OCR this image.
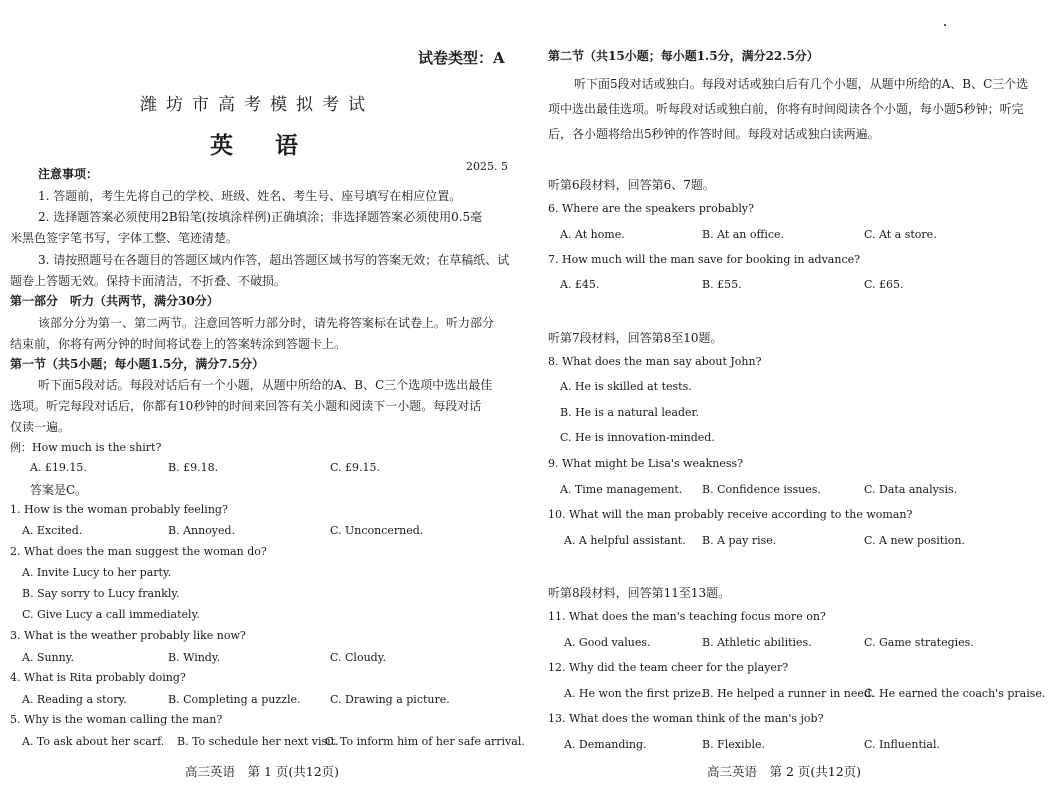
试卷类型：A
潍坊市高考模拟考试
英语
2025. 5
注意事项：
1. 答题前，考生先将自己的学校、班级、姓名、考生号、座号填写在相应位置。
2. 选择题答案必须使用2B铅笔(按填涂样例)正确填涂；非选择题答案必须使用0.5毫
米黑色签字笔书写，字体工整、笔迹清楚。
3. 请按照题号在各题目的答题区域内作答，超出答题区域书写的答案无效；在草稿纸、试
题卷上答题无效。保持卡面清洁，不折叠、不破损。
第一部分　听力（共两节，满分30分）
该部分分为第一、第二两节。注意回答听力部分时，请先将答案标在试卷上。听力部分
结束前，你将有两分钟的时间将试卷上的答案转涂到答题卡上。
第一节（共5小题；每小题1.5分，满分7.5分）
听下面5段对话。每段对话后有一个小题，从题中所给的A、B、C三个选项中选出最佳
选项。听完每段对话后，你都有10秒钟的时间来回答有关小题和阅读下一小题。每段对话
仅读一遍。
例：How much is the shirt?
A. £19.15.	B. £9.18.	C. £9.15.
答案是C。
1. How is the woman probably feeling?
A. Excited.	B. Annoyed.	C. Unconcerned.
2. What does the man suggest the woman do?
A. Invite Lucy to her party.
B. Say sorry to Lucy frankly.
C. Give Lucy a call immediately.
3. What is the weather probably like now?
A. Sunny.	B. Windy.	C. Cloudy.
4. What is Rita probably doing?
A. Reading a story.	B. Completing a puzzle.	C. Drawing a picture.
5. Why is the woman calling the man?
A. To ask about her scarf. B. To schedule her next visit.
C. To inform him of her safe arrival.
高三英语　第 1 页(共12页)
第二节（共15小题；每小题1.5分，满分22.5分）
听下面5段对话或独白。每段对话或独白后有几个小题，从题中所给的A、B、C三个选
项中选出最佳选项。听每段对话或独白前，你将有时间阅读各个小题，每小题5秒钟；听完
后，各小题将给出5秒钟的作答时间。每段对话或独白读两遍。
听第6段材料，回答第6、7题。
6. Where are the speakers probably?
A. At home.	B. At an office.	C. At a store.
7. How much will the man save for booking in advance?
A. £45.	B. £55.	C. £65.
听第7段材料，回答第8至10题。
8. What does the man say about John?
A. He is skilled at tests.
B. He is a natural leader.
C. He is innovation-minded.
9. What might be Lisa's weakness?
A. Time management. B. Confidence issues.	C. Data analysis.
10. What will the man probably receive according to the woman?
A. A helpful assistant. B. A pay rise.	C. A new position.
听第8段材料，回答第11至13题。
11. What does the man's teaching focus more on?
A. Good values.	B. Athletic abilities.	C. Game strategies.
12. Why did the team cheer for the player?
A. He won the first prize.
B. He helped a runner in need.
C. He earned the coach's praise.
13. What does the woman think of the man's job?
A. Demanding.	B. Flexible.	C. Influential.
高三英语　第 2 页(共12页)
